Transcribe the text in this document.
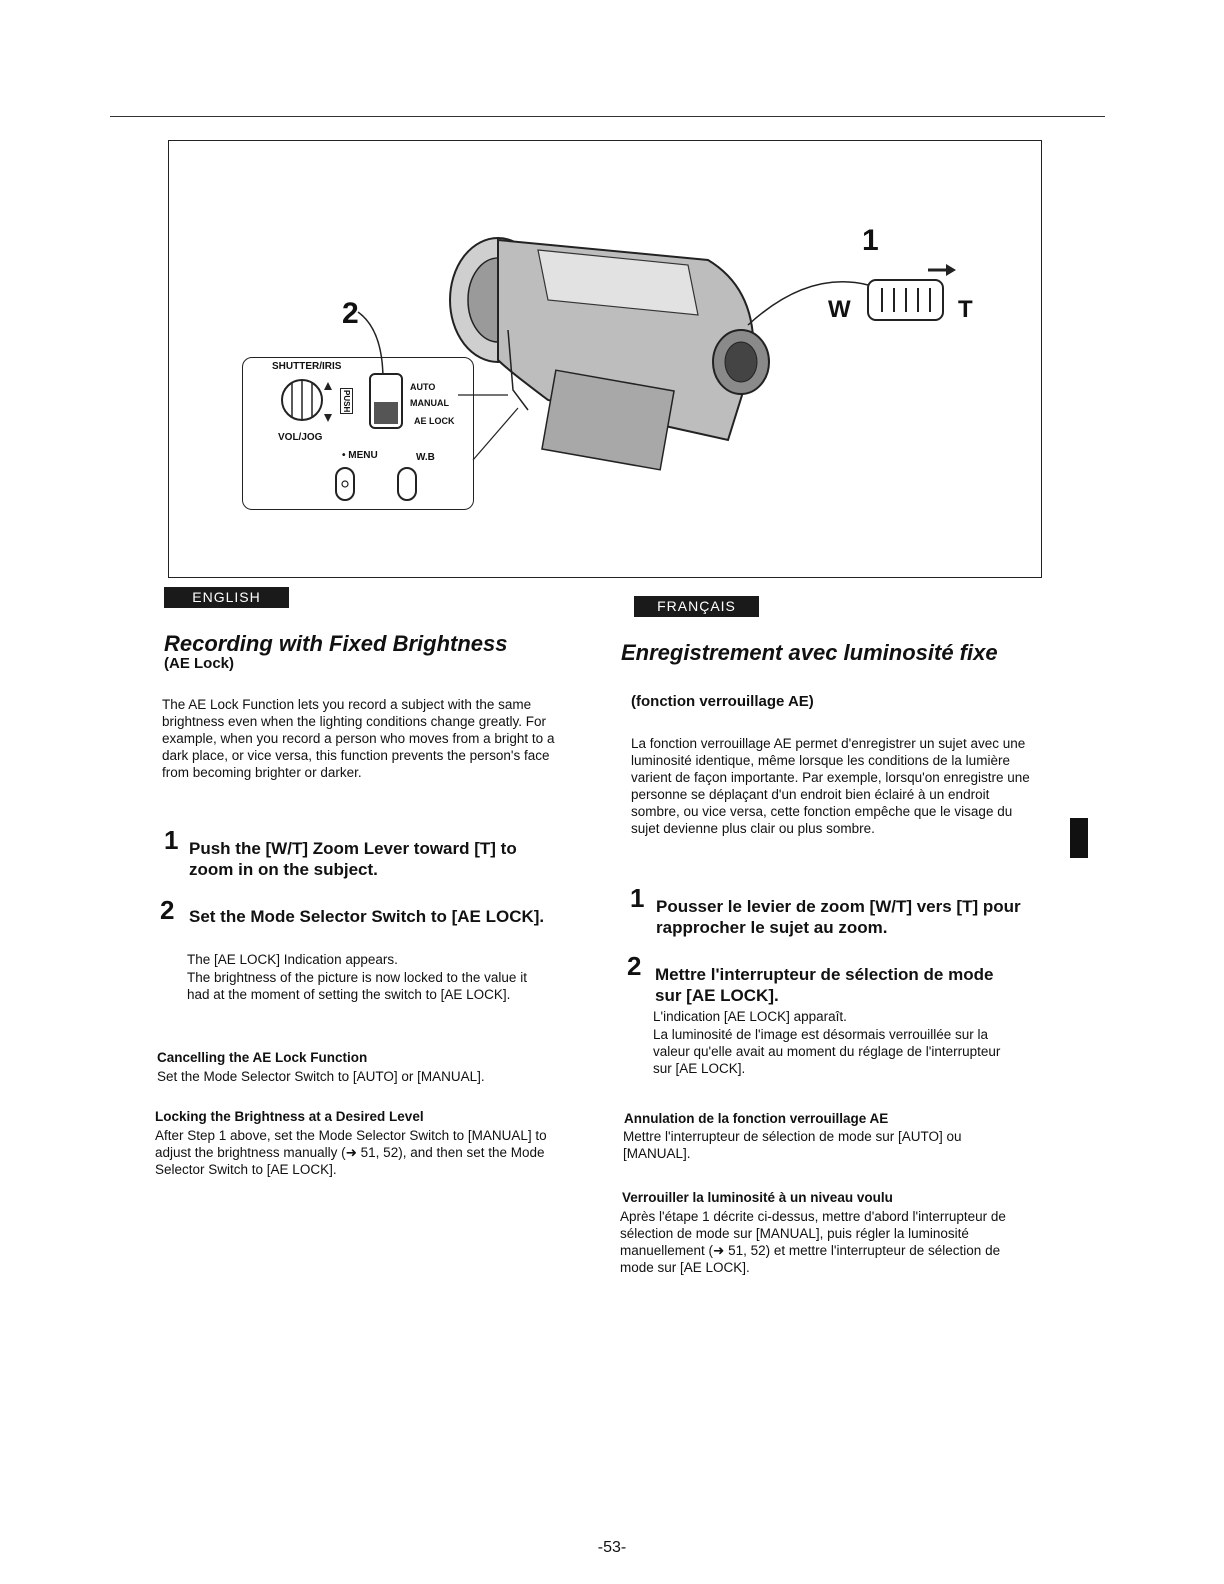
1
2	W	T
SHUTTER/IRIS
PUSH
AUTO
MANUAL
AE LOCK
VOL/JOG
• MENU	W.B
ENGLISH
Recording with Fixed Brightness
(AE Lock)
The AE Lock Function lets you record a subject with the same brightness even when the lighting conditions change greatly. For example, when you record a person who moves from a bright to a dark place, or vice versa, this function prevents the person's face from becoming brighter or darker.
1 Push the [W/T] Zoom Lever toward [T] to zoom in on the subject.
2 Set the Mode Selector Switch to [AE LOCK].
The [AE LOCK] Indication appears.
The brightness of the picture is now locked to the value it had at the moment of setting the switch to [AE LOCK].
Cancelling the AE Lock Function
Set the Mode Selector Switch to [AUTO] or [MANUAL].
Locking the Brightness at a Desired Level
After Step 1 above, set the Mode Selector Switch to [MANUAL] to adjust the brightness manually (➜ 51, 52), and then set the Mode Selector Switch to [AE LOCK].
FRANÇAIS
Enregistrement avec luminosité fixe
(fonction verrouillage AE)
La fonction verrouillage AE permet d'enregistrer un sujet avec une luminosité identique, même lorsque les conditions de la lumière varient de façon importante. Par exemple, lorsqu'on enregistre une personne se déplaçant d'un endroit bien éclairé à un endroit sombre, ou vice versa, cette fonction empêche que le visage du sujet devienne plus clair ou plus sombre.
1 Pousser le levier de zoom [W/T] vers [T] pour rapprocher le sujet au zoom.
2 Mettre l'interrupteur de sélection de mode sur [AE LOCK].
L'indication [AE LOCK] apparaît.
La luminosité de l'image est désormais verrouillée sur la valeur qu'elle avait au moment du réglage de l'interrupteur sur [AE LOCK].
Annulation de la fonction verrouillage AE
Mettre l'interrupteur de sélection de mode sur [AUTO] ou [MANUAL].
Verrouiller la luminosité à un niveau voulu
Après l'étape 1 décrite ci-dessus, mettre d'abord l'interrupteur de sélection de mode sur [MANUAL], puis régler la luminosité manuellement (➜ 51, 52) et mettre l'interrupteur de sélection de mode sur [AE LOCK].
-53-
